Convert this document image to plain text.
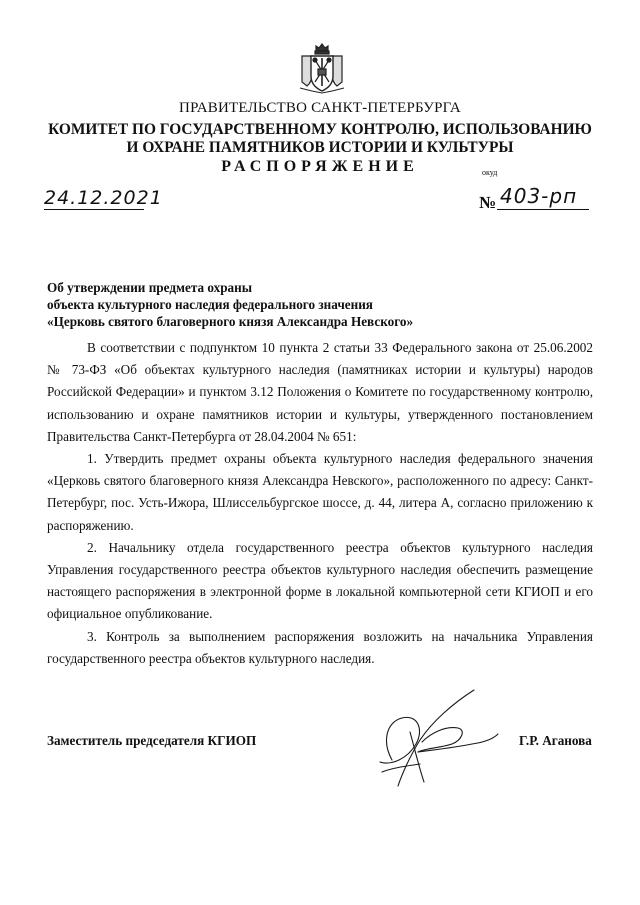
ПРАВИТЕЛЬСТВО САНКТ-ПЕТЕРБУРГА
КОМИТЕТ ПО ГОСУДАРСТВЕННОМУ КОНТРОЛЮ, ИСПОЛЬЗОВАНИЮ
И ОХРАНЕ ПАМЯТНИКОВ ИСТОРИИ И КУЛЬТУРЫ
РАСПОРЯЖЕНИЕ	окуд
24.12.2021	№ 403-рп
Об утверждении предмета охраны
объекта культурного наследия федерального значения
«Церковь святого благоверного князя Александра Невского»

В соответствии с подпунктом 10 пункта 2 статьи 33 Федерального закона от 25.06.2002 № 73-ФЗ «Об объектах культурного наследия (памятниках истории и культуры) народов Российской Федерации» и пунктом 3.12 Положения о Комитете по государственному контролю, использованию и охране памятников истории и культуры, утвержденного постановлением Правительства Санкт-Петербурга от 28.04.2004 № 651:

1. Утвердить предмет охраны объекта культурного наследия федерального значения «Церковь святого благоверного князя Александра Невского», расположенного по адресу: Санкт-Петербург, пос. Усть-Ижора, Шлиссельбургское шоссе, д. 44, литера А, согласно приложению к распоряжению.

2. Начальнику отдела государственного реестра объектов культурного наследия Управления государственного реестра объектов культурного наследия обеспечить размещение настоящего распоряжения в электронной форме в локальной компьютерной сети КГИОП и его официальное опубликование.

3. Контроль за выполнением распоряжения возложить на начальника Управления государственного реестра объектов культурного наследия.

Заместитель председателя КГИОП	Г.Р. Аганова
